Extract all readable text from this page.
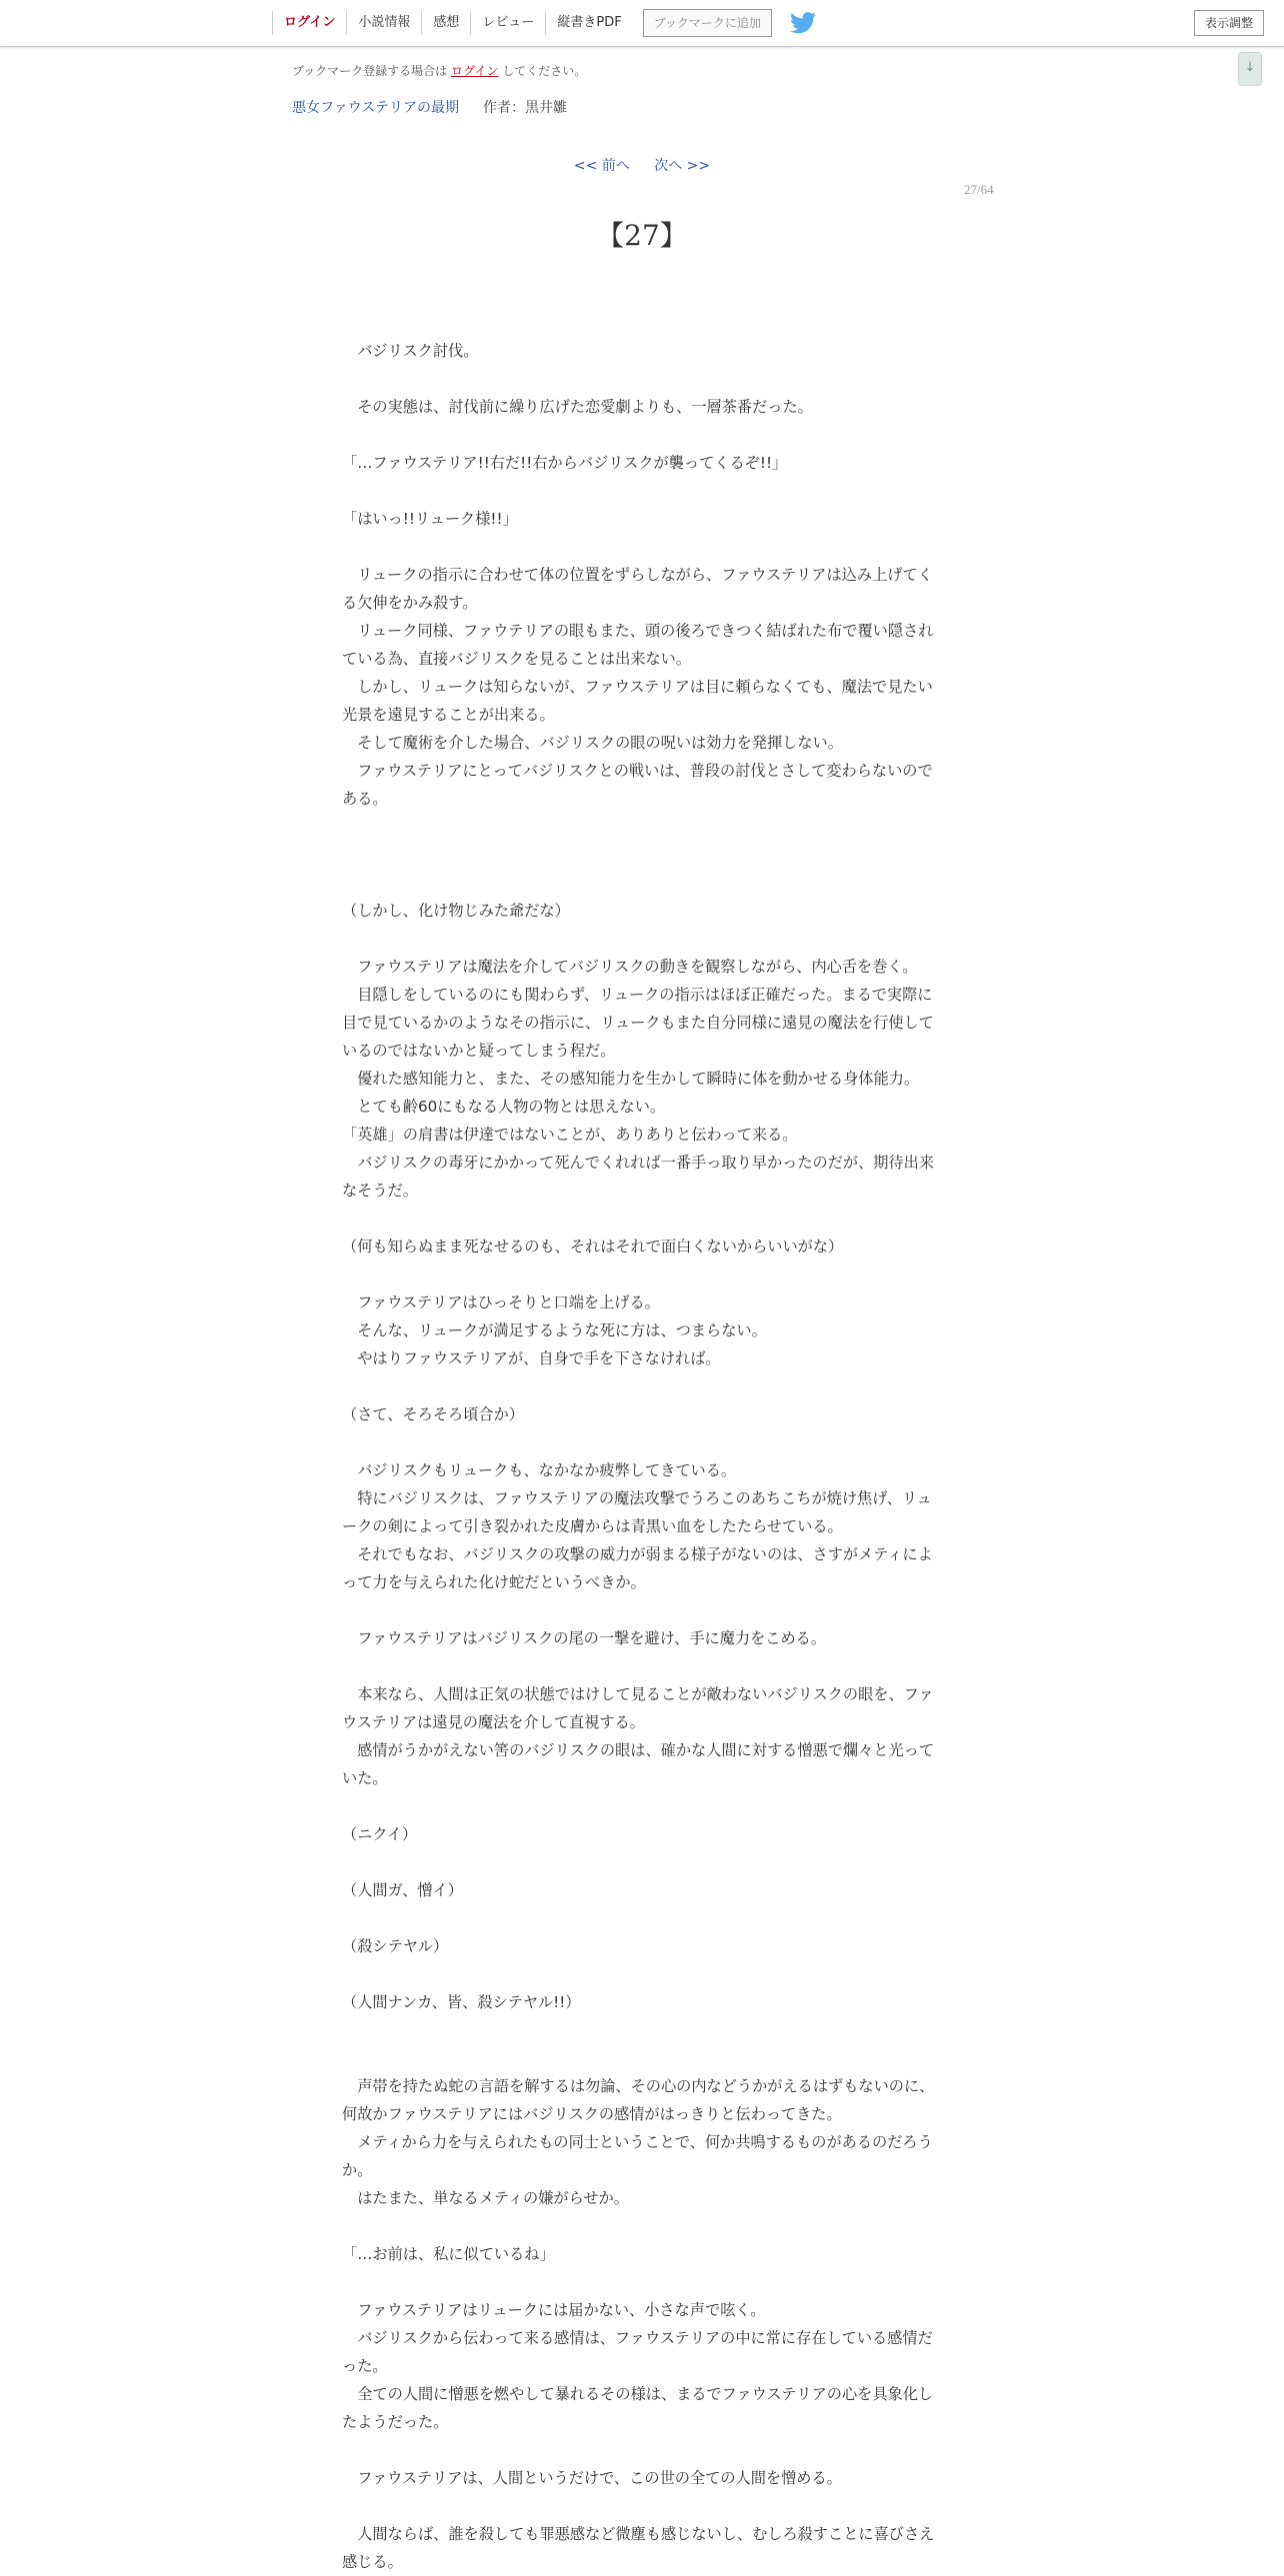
ログイン	小説情報	感想	レビュー	縦書きPDF	ブックマークに追加	表示調整
↓
ブックマーク登録する場合は ログイン してください。
悪女ファウステリアの最期 作者：黒井雛
<< 前へ 次へ >>
27/64
【27】

　バジリスク討伐。

　その実態は、討伐前に繰り広げた恋愛劇よりも、一層茶番だった。

「…ファウステリア!!右だ!!右からバジリスクが襲ってくるぞ!!」

「はいっ!!リューク様!!」

　リュークの指示に合わせて体の位置をずらしながら、ファウステリアは込み上げてくる欠伸をかみ殺す。

　リューク同様、ファウテリアの眼もまた、頭の後ろできつく結ばれた布で覆い隠されている為、直接バジリスクを見ることは出来ない。

　しかし、リュークは知らないが、ファウステリアは目に頼らなくても、魔法で見たい光景を遠見することが出来る。

　そして魔術を介した場合、バジリスクの眼の呪いは効力を発揮しない。

　ファウステリアにとってバジリスクとの戦いは、普段の討伐とさして変わらないのである。

（しかし、化け物じみた爺だな）

　ファウステリアは魔法を介してバジリスクの動きを観察しながら、内心舌を巻く。

　目隠しをしているのにも関わらず、リュークの指示はほぼ正確だった。まるで実際に目で見ているかのようなその指示に、リュークもまた自分同様に遠見の魔法を行使しているのではないかと疑ってしまう程だ。

　優れた感知能力と、また、その感知能力を生かして瞬時に体を動かせる身体能力。

　とても齢60にもなる人物の物とは思えない。

「英雄」の肩書は伊達ではないことが、ありありと伝わって来る。

　バジリスクの毒牙にかかって死んでくれれば一番手っ取り早かったのだが、期待出来なそうだ。

（何も知らぬまま死なせるのも、それはそれで面白くないからいいがな）

　ファウステリアはひっそりと口端を上げる。

　そんな、リュークが満足するような死に方は、つまらない。

　やはりファウステリアが、自身で手を下さなければ。

（さて、そろそろ頃合か）

　バジリスクもリュークも、なかなか疲弊してきている。

　特にバジリスクは、ファウステリアの魔法攻撃でうろこのあちこちが焼け焦げ、リュークの剣によって引き裂かれた皮膚からは青黒い血をしたたらせている。

　それでもなお、バジリスクの攻撃の威力が弱まる様子がないのは、さすがメティによって力を与えられた化け蛇だというべきか。

　ファウステリアはバジリスクの尾の一撃を避け、手に魔力をこめる。

　本来なら、人間は正気の状態ではけして見ることが敵わないバジリスクの眼を、ファウステリアは遠見の魔法を介して直視する。

　感情がうかがえない筈のバジリスクの眼は、確かな人間に対する憎悪で爛々と光っていた。

（ニクイ）

（人間ガ、憎イ）

（殺シテヤル）

（人間ナンカ、皆、殺シテヤル!!）

　声帯を持たぬ蛇の言語を解するは勿論、その心の内などうかがえるはずもないのに、何故かファウステリアにはバジリスクの感情がはっきりと伝わってきた。

　メティから力を与えられたもの同士ということで、何か共鳴するものがあるのだろうか。

　はたまた、単なるメティの嫌がらせか。

「…お前は、私に似ているね」

　ファウステリアはリュークには届かない、小さな声で呟く。

　バジリスクから伝わって来る感情は、ファウステリアの中に常に存在している感情だった。

　全ての人間に憎悪を燃やして暴れるその様は、まるでファウステリアの心を具象化したようだった。

　ファウステリアは、人間というだけで、この世の全ての人間を憎める。

　人間ならば、誰を殺しても罪悪感など微塵も感じないし、むしろ殺すことに喜びさえ感じる。
